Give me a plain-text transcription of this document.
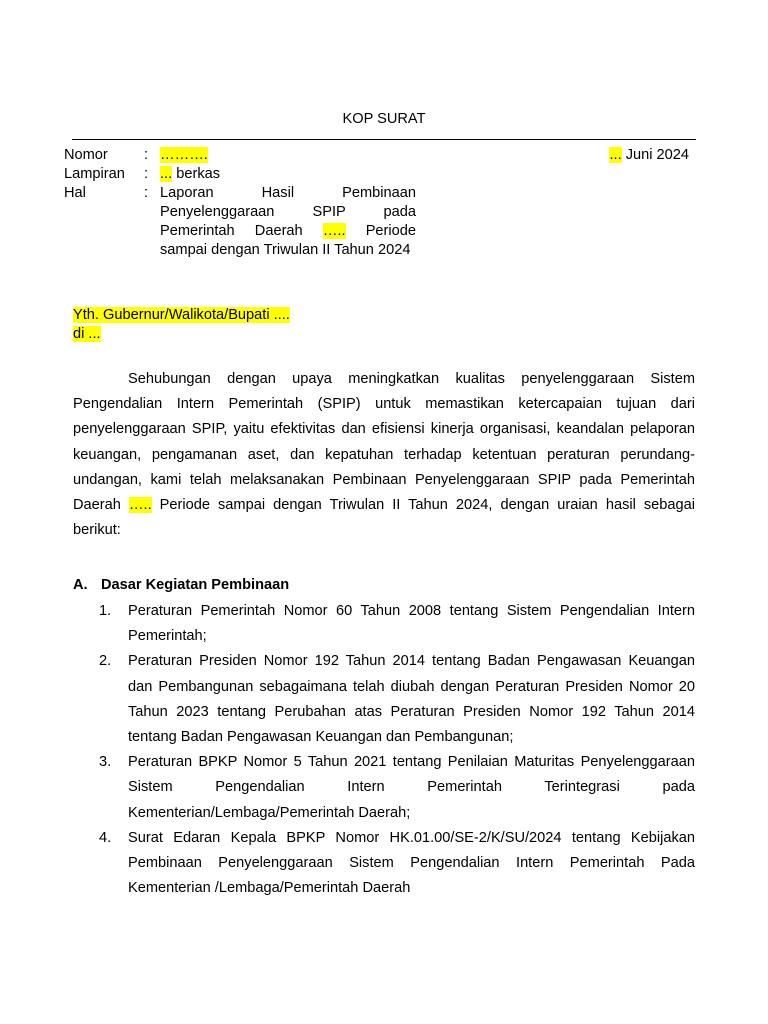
KOP SURAT
Nomor	: ……….
Lampiran	: ... berkas
Hal	: Laporan Hasil Pembinaan Penyelenggaraan SPIP pada Pemerintah Daerah ….. Periode sampai dengan Triwulan II Tahun 2024
... Juni 2024
Yth. Gubernur/Walikota/Bupati ....
di ...
Sehubungan dengan upaya meningkatkan kualitas penyelenggaraan Sistem Pengendalian Intern Pemerintah (SPIP) untuk memastikan ketercapaian tujuan dari penyelenggaraan SPIP, yaitu efektivitas dan efisiensi kinerja organisasi, keandalan pelaporan keuangan, pengamanan aset, dan kepatuhan terhadap ketentuan peraturan perundang-undangan, kami telah melaksanakan Pembinaan Penyelenggaraan SPIP pada Pemerintah Daerah ….. Periode sampai dengan Triwulan II Tahun 2024, dengan uraian hasil sebagai berikut:
A. Dasar Kegiatan Pembinaan
1.	Peraturan Pemerintah Nomor 60 Tahun 2008 tentang Sistem Pengendalian Intern Pemerintah;
2.	Peraturan Presiden Nomor 192 Tahun 2014 tentang Badan Pengawasan Keuangan dan Pembangunan sebagaimana telah diubah dengan Peraturan Presiden Nomor 20 Tahun 2023 tentang Perubahan atas Peraturan Presiden Nomor 192 Tahun 2014 tentang Badan Pengawasan Keuangan dan Pembangunan;
3.	Peraturan BPKP Nomor 5 Tahun 2021 tentang Penilaian Maturitas Penyelenggaraan Sistem Pengendalian Intern Pemerintah Terintegrasi pada Kementerian/Lembaga/Pemerintah Daerah;
4.	Surat Edaran Kepala BPKP Nomor HK.01.00/SE-2/K/SU/2024 tentang Kebijakan Pembinaan Penyelenggaraan Sistem Pengendalian Intern Pemerintah Pada Kementerian /Lembaga/Pemerintah Daerah
